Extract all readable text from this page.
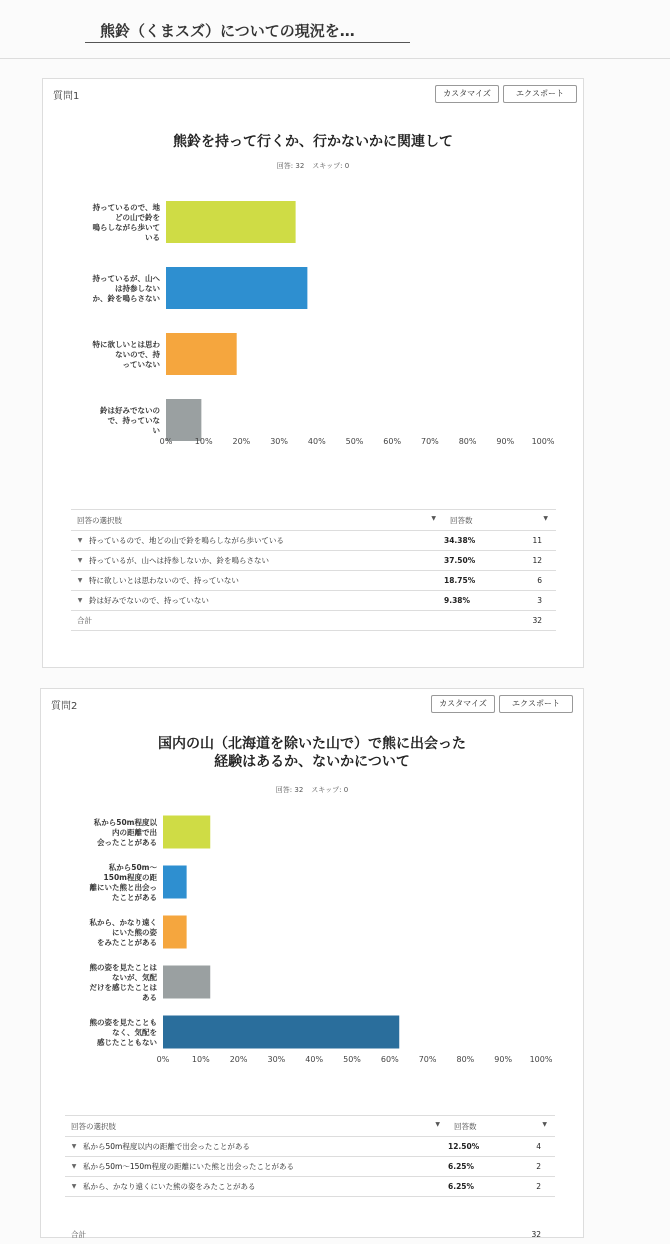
熊鈴（くまスズ）についての現況を…
質問1	カスタマイズ	エクスポート
熊鈴を持って行くか、行かないかに関連して
回答: 32 スキップ: 0
持っているので、地
どの山で鈴を
鳴らしながら歩いて
いる
持っているが、山へ
は持参しない
か、鈴を鳴らさない
特に欲しいとは思わ
ないので、持
っていない
鈴は好みでないの
で、持っていな
い
0%	10% 20% 30% 40% 50% 60% 70% 80% 90% 100%
回答の選択肢 ▼		回答数 ▼	

▼	持っているので、地どの山で鈴を鳴らしながら歩いている	34.38%	11
▼	持っているが、山へは持参しないか、鈴を鳴らさない	37.50%	12
▼	特に欲しいとは思わないので、持っていない	18.75%	6
▼	鈴は好みでないので、持っていない	9.38%	3
合計			32
質問2	カスタマイズ	エクスポート
国内の山（北海道を除いた山で）で熊に出会った
経験はあるか、ないかについて
回答: 32 スキップ: 0
私から50m程度以
内の距離で出
会ったことがある
私から50m～
150m程度の距
離にいた熊と出会っ
たことがある
私から、かなり遠く
にいた熊の姿
をみたことがある
熊の姿を見たことは
ないが、気配
だけを感じたことは
ある
熊の姿を見たことも
なく、気配を
感じたこともない
0%	10%	20%	30%	40%	50%	60%	70%	80%	90% 100%
回答の選択肢 ▼		回答数 ▼	

▼	私から50m程度以内の距離で出会ったことがある	12.50%	4
▼	私から50m～150m程度の距離にいた熊と出会ったことがある	6.25%	2
▼	私から、かなり遠くにいた熊の姿をみたことがある	6.25%	2

合計			32
